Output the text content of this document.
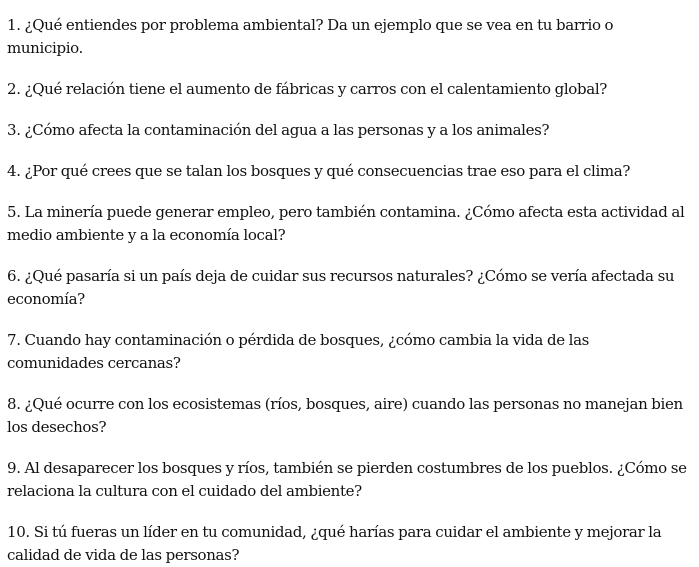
1. ¿Qué entiendes por problema ambiental? Da un ejemplo que se vea en tu barrio o municipio.

2. ¿Qué relación tiene el aumento de fábricas y carros con el calentamiento global?

3. ¿Cómo afecta la contaminación del agua a las personas y a los animales?

4. ¿Por qué crees que se talan los bosques y qué consecuencias trae eso para el clima?

5. La minería puede generar empleo, pero también contamina. ¿Cómo afecta esta actividad al medio ambiente y a la economía local?

6. ¿Qué pasaría si un país deja de cuidar sus recursos naturales? ¿Cómo se vería afectada su economía?

7. Cuando hay contaminación o pérdida de bosques, ¿cómo cambia la vida de las comunidades cercanas?

8. ¿Qué ocurre con los ecosistemas (ríos, bosques, aire) cuando las personas no manejan bien los desechos?

9. Al desaparecer los bosques y ríos, también se pierden costumbres de los pueblos. ¿Cómo se relaciona la cultura con el cuidado del ambiente?

10. Si tú fueras un líder en tu comunidad, ¿qué harías para cuidar el ambiente y mejorar la calidad de vida de las personas?
